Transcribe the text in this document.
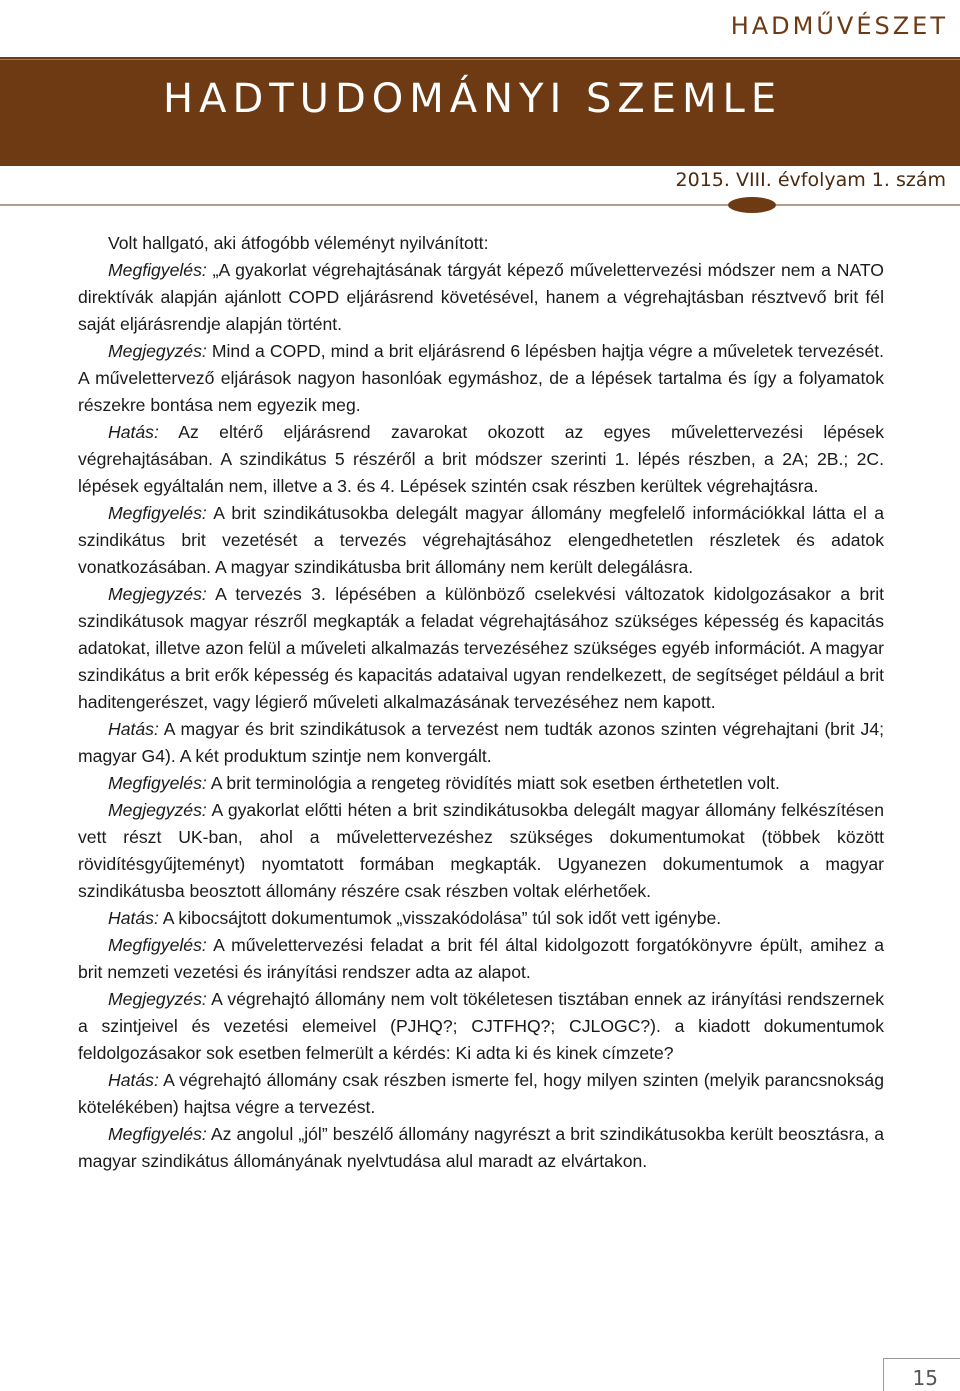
HADMŰVÉSZET
HADTUDOMÁNYI SZEMLE
2015. VIII. évfolyam 1. szám

Volt hallgató, aki átfogóbb véleményt nyilvánított:

Megfigyelés: „A gyakorlat végrehajtásának tárgyát képező művelettervezési módszer nem a NATO direktívák alapján ajánlott COPD eljárásrend követésével, hanem a végrehajtásban résztvevő brit fél saját eljárásrendje alapján történt.

Megjegyzés: Mind a COPD, mind a brit eljárásrend 6 lépésben hajtja végre a műveletek tervezését. A művelettervező eljárások nagyon hasonlóak egymáshoz, de a lépések tartalma és így a folyamatok részekre bontása nem egyezik meg.

Hatás: Az eltérő eljárásrend zavarokat okozott az egyes művelettervezési lépések végrehajtásában. A szindikátus 5 részéről a brit módszer szerinti 1. lépés részben, a 2A; 2B.; 2C. lépések egyáltalán nem, illetve a 3. és 4. Lépések szintén csak részben kerültek végrehajtásra.

Megfigyelés: A brit szindikátusokba delegált magyar állomány megfelelő információkkal látta el a szindikátus brit vezetését a tervezés végrehajtásához elengedhetetlen részletek és adatok vonatkozásában. A magyar szindikátusba brit állomány nem került delegálásra.

Megjegyzés: A tervezés 3. lépésében a különböző cselekvési változatok kidolgozásakor a brit szindikátusok magyar részről megkapták a feladat végrehajtásához szükséges képesség és kapacitás adatokat, illetve azon felül a műveleti alkalmazás tervezéséhez szükséges egyéb információt. A magyar szindikátus a brit erők képesség és kapacitás adataival ugyan rendelkezett, de segítséget például a brit haditengerészet, vagy légierő műveleti alkalmazásának tervezéséhez nem kapott.

Hatás: A magyar és brit szindikátusok a tervezést nem tudták azonos szinten végrehajtani (brit J4; magyar G4). A két produktum szintje nem konvergált.

Megfigyelés: A brit terminológia a rengeteg rövidítés miatt sok esetben érthetetlen volt.

Megjegyzés: A gyakorlat előtti héten a brit szindikátusokba delegált magyar állomány felkészítésen vett részt UK-ban, ahol a művelettervezéshez szükséges dokumentumokat (többek között rövidítésgyűjteményt) nyomtatott formában megkapták. Ugyanezen dokumentumok a magyar szindikátusba beosztott állomány részére csak részben voltak elérhetőek.

Hatás: A kibocsájtott dokumentumok „visszakódolása” túl sok időt vett igénybe.

Megfigyelés: A művelettervezési feladat a brit fél által kidolgozott forgatókönyvre épült, amihez a brit nemzeti vezetési és irányítási rendszer adta az alapot.

Megjegyzés: A végrehajtó állomány nem volt tökéletesen tisztában ennek az irányítási rendszernek a szintjeivel és vezetési elemeivel (PJHQ?; CJTFHQ?; CJLOGC?). a kiadott dokumentumok feldolgozásakor sok esetben felmerült a kérdés: Ki adta ki és kinek címzete?

Hatás: A végrehajtó állomány csak részben ismerte fel, hogy milyen szinten (melyik parancsnokság kötelékében) hajtsa végre a tervezést.

Megfigyelés: Az angolul „jól” beszélő állomány nagyrészt a brit szindikátusokba került beosztásra, a magyar szindikátus állományának nyelvtudása alul maradt az elvártakon.

15
